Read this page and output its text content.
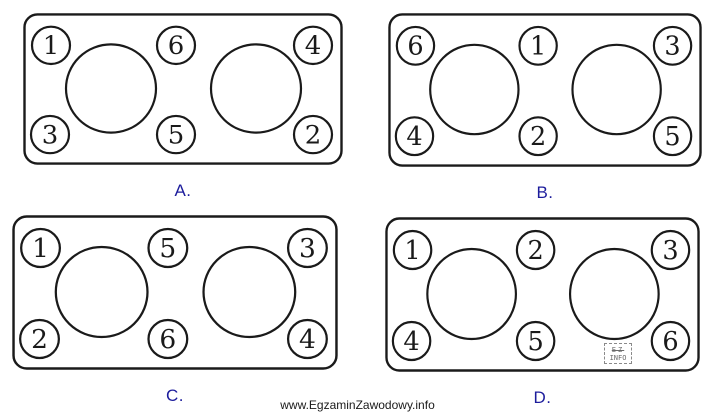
1	6	4
3	5	2
A.
6	1	3
4	2	5
B.
1	5	3
2	6	4
C.
1	2	3
4	5	6
EZ
INFO
D.
www.EgzaminZawodowy.info
